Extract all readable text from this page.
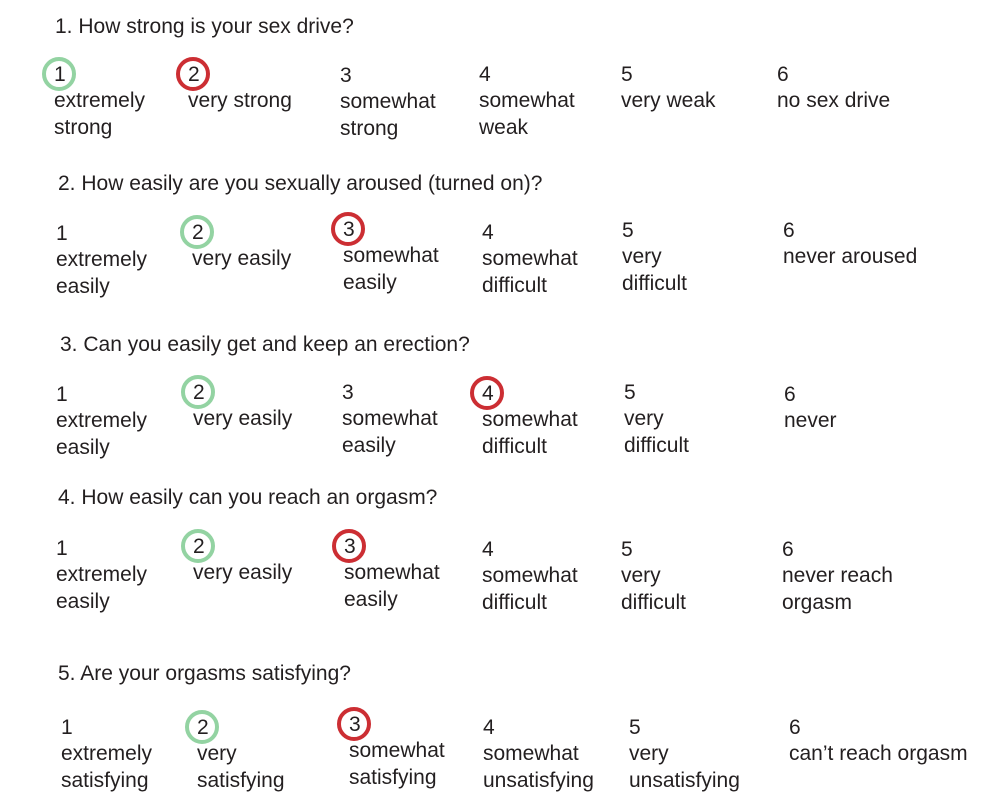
1. How strong is your sex drive?
1
extremely
strong
2
very strong
3
somewhat
strong
4
somewhat
weak
5
very weak
6
no sex drive
2. How easily are you sexually aroused (turned on)?
1
extremely
easily
2
very easily
3
somewhat
easily
4
somewhat
difficult
5
very
difficult
6
never aroused
3. Can you easily get and keep an erection?
1
extremely
easily
2
very easily
3
somewhat
easily
4
somewhat
difficult
5
very
difficult
6
never
4. How easily can you reach an orgasm?
1
extremely
easily
2
very easily
3
somewhat
easily
4
somewhat
difficult
5
very
difficult
6
never reach
orgasm
5. Are your orgasms satisfying?
1
extremely
satisfying
2
very
satisfying
3
somewhat
satisfying
4
somewhat
unsatisfying
5
very
unsatisfying
6
can’t reach orgasm
